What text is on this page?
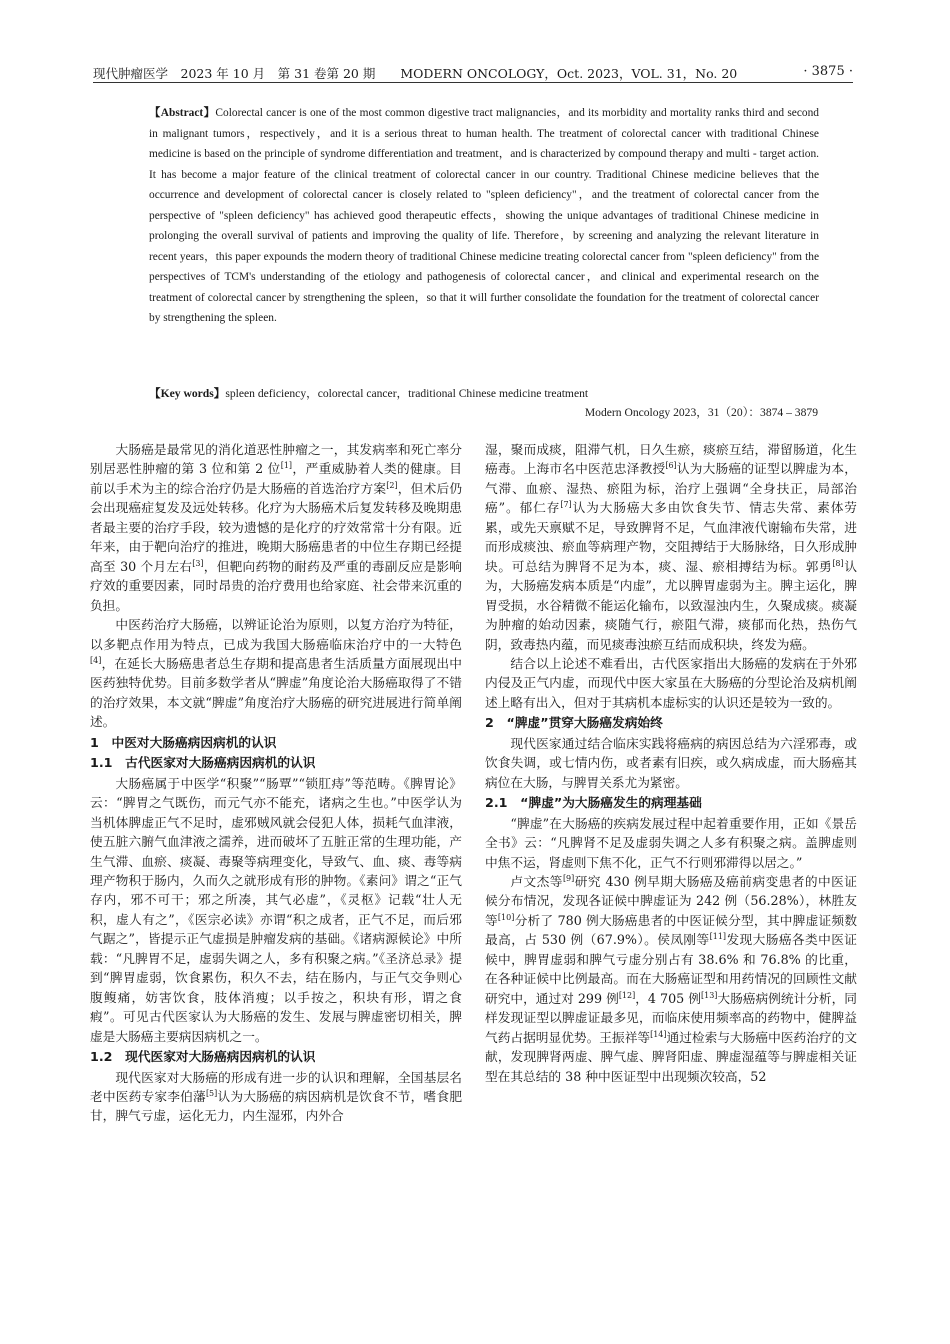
现代肿瘤医学　2023 年 10 月　第 31 卷第 20 期　　MODERN ONCOLOGY，Oct. 2023，VOL. 31，No. 20	· 3875 ·
【Abstract】Colorectal cancer is one of the most common digestive tract malignancies，and its morbidity and mortality ranks third and second in malignant tumors，respectively，and it is a serious threat to human health. The treatment of colorectal cancer with traditional Chinese medicine is based on the principle of syndrome differentiation and treatment，and is characterized by compound therapy and multi - target action. It has become a major feature of the clinical treatment of colorectal cancer in our country. Traditional Chinese medicine believes that the occurrence and development of colorectal cancer is closely related to "spleen deficiency"，and the treatment of colorectal cancer from the perspective of "spleen deficiency" has achieved good therapeutic effects，showing the unique advantages of traditional Chinese medicine in prolonging the overall survival of patients and improving the quality of life. Therefore，by screening and analyzing the relevant literature in recent years，this paper expounds the modern theory of traditional Chinese medicine treating colorectal cancer from "spleen deficiency" from the perspectives of TCM's understanding of the etiology and pathogenesis of colorectal cancer，and clinical and experimental research on the treatment of colorectal cancer by strengthening the spleen，so that it will further consolidate the foundation for the treatment of colorectal cancer by strengthening the spleen.
【Key words】spleen deficiency，colorectal cancer，traditional Chinese medicine treatment
Modern Oncology 2023，31（20）：3874 – 3879

大肠癌是最常见的消化道恶性肿瘤之一，其发病率和死亡率分别居恶性肿瘤的第 3 位和第 2 位[1]，严重威胁着人类的健康。目前以手术为主的综合治疗仍是大肠癌的首选治疗方案[2]，但术后仍会出现癌症复发及远处转移。化疗为大肠癌术后复发转移及晚期患者最主要的治疗手段，较为遗憾的是化疗的疗效常常十分有限。近年来，由于靶向治疗的推进，晚期大肠癌患者的中位生存期已经提高至 30 个月左右[3]，但靶向药物的耐药及严重的毒副反应是影响疗效的重要因素，同时昂贵的治疗费用也给家庭、社会带来沉重的负担。

中医药治疗大肠癌，以辨证论治为原则，以复方治疗为特征，以多靶点作用为特点，已成为我国大肠癌临床治疗中的一大特色[4]，在延长大肠癌患者总生存期和提高患者生活质量方面展现出中医药独特优势。目前多数学者从“脾虚”角度论治大肠癌取得了不错的治疗效果，本文就“脾虚”角度治疗大肠癌的研究进展进行简单阐述。

1　中医对大肠癌病因病机的认识
1.1　古代医家对大肠癌病因病机的认识

大肠癌属于中医学“积聚”“肠覃”“锁肛痔”等范畴。《脾胃论》云：“脾胃之气既伤，而元气亦不能充，诸病之生也。”中医学认为当机体脾虚正气不足时，虚邪贼风就会侵犯人体，损耗气血津液，使五脏六腑气血津液之濡养，进而破坏了五脏正常的生理功能，产生气滞、血瘀、痰凝、毒聚等病理变化，导致气、血、痰、毒等病理产物积于肠内，久而久之就形成有形的肿物。《素问》谓之“正气存内，邪不可干；邪之所凑，其气必虚”，《灵枢》记载“壮人无积，虚人有之”，《医宗必读》亦谓“积之成者，正气不足，而后邪气踞之”，皆提示正气虚损是肿瘤发病的基础。《诸病源候论》中所载：“凡脾胃不足，虚弱失调之人，多有积聚之病。”《圣济总录》提到“脾胃虚弱，饮食累伤，积久不去，结在肠内，与正气交争则心腹鳆痛，妨害饮食，肢体消瘦；以手按之，积块有形，谓之食瘕”。可见古代医家认为大肠癌的发生、发展与脾虚密切相关，脾虚是大肠癌主要病因病机之一。

1.2　现代医家对大肠癌病因病机的认识

现代医家对大肠癌的形成有进一步的认识和理解，全国基层名老中医药专家李伯藩[5]认为大肠癌的病因病机是饮食不节，嗜食肥甘，脾气亏虚，运化无力，内生湿邪，内外合

湿，聚而成痰，阻滞气机，日久生瘀，痰瘀互结，滞留肠道，化生癌毒。上海市名中医范忠泽教授[6]认为大肠癌的证型以脾虚为本，气滞、血瘀、湿热、瘀阻为标，治疗上强调“全身扶正，局部治癌”。郁仁存[7]认为大肠癌大多由饮食失节、情志失常、素体劳累，或先天禀赋不足，导致脾肾不足，气血津液代谢输布失常，进而形成痰浊、瘀血等病理产物，交阻搏结于大肠脉络，日久形成肿块。可总结为脾肾不足为本，痰、湿、瘀相搏结为标。郭勇[8]认为，大肠癌发病本质是“内虚”，尤以脾胃虚弱为主。脾主运化，脾胃受损，水谷精微不能运化输布，以致湿浊内生，久聚成痰。痰凝为肿瘤的始动因素，痰随气行，瘀阻气滞，痰郁而化热，热伤气阴，致毒热内蕴，而见痰毒浊瘀互结而成积块，终发为癌。

结合以上论述不难看出，古代医家指出大肠癌的发病在于外邪内侵及正气内虚，而现代中医大家虽在大肠癌的分型论治及病机阐述上略有出入，但对于其病机本虚标实的认识还是较为一致的。

2　“脾虚”贯穿大肠癌发病始终

现代医家通过结合临床实践将癌病的病因总结为六淫邪毒，或饮食失调，或七情内伤，或者素有旧疾，或久病成虚，而大肠癌其病位在大肠，与脾胃关系尤为紧密。

2.1　“脾虚”为大肠癌发生的病理基础

“脾虚”在大肠癌的疾病发展过程中起着重要作用，正如《景岳全书》云：“凡脾肾不足及虚弱失调之人多有积聚之病。盖脾虚则中焦不运，肾虚则下焦不化，正气不行则邪滞得以居之。”

卢文杰等[9]研究 430 例早期大肠癌及癌前病变患者的中医证候分布情况，发现各证候中脾虚证为 242 例（56.28%），林胜友等[10]分析了 780 例大肠癌患者的中医证候分型，其中脾虚证频数最高，占 530 例（67.9%）。侯凤刚等[11]发现大肠癌各类中医证候中，脾胃虚弱和脾气亏虚分别占有 38.6% 和 76.8% 的比重，在各种证候中比例最高。而在大肠癌证型和用药情况的回顾性文献研究中，通过对 299 例[12]，4 705 例[13]大肠癌病例统计分析，同样发现证型以脾虚证最多见，而临床使用频率高的药物中，健脾益气药占据明显优势。王振祥等[14]通过检索与大肠癌中医药治疗的文献，发现脾肾两虚、脾气虚、脾肾阳虚、脾虚湿蕴等与脾虚相关证型在其总结的 38 种中医证型中出现频次较高，52
